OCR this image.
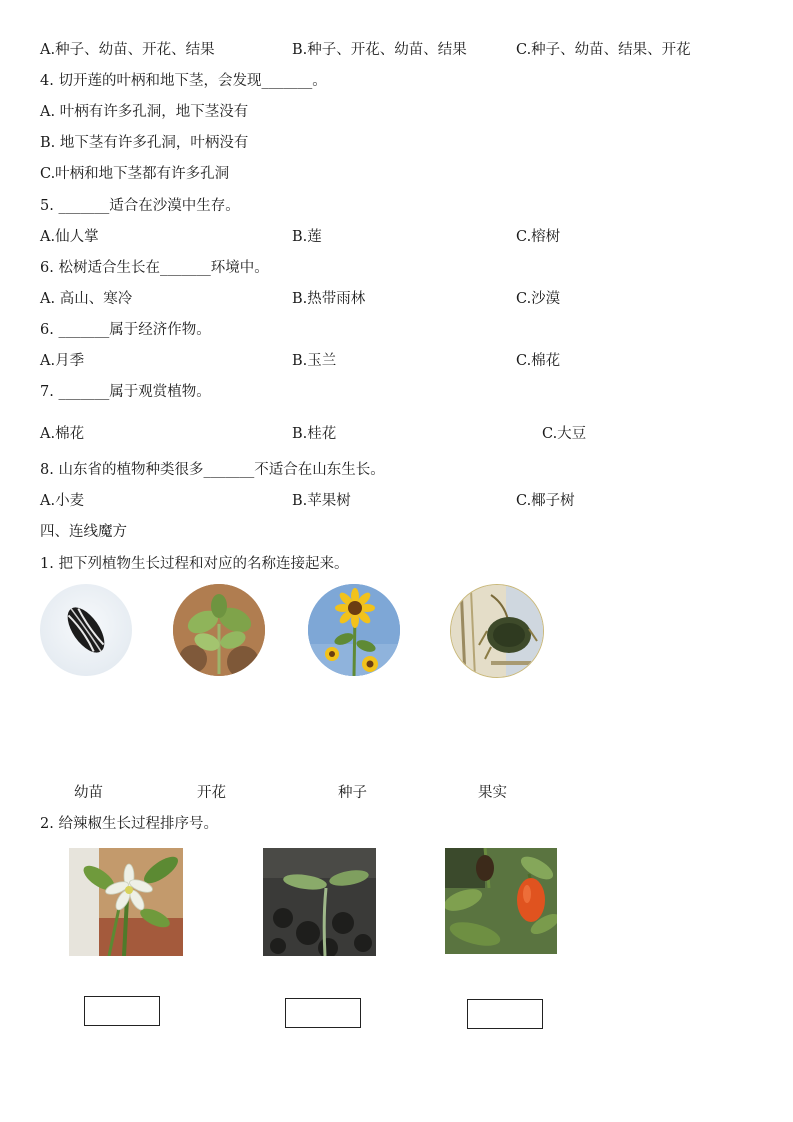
A.种子、幼苗、开花、结果	B.种子、开花、幼苗、结果	C.种子、幼苗、结果、开花
4. 切开莲的叶柄和地下茎，会发现_______。
A. 叶柄有许多孔洞，地下茎没有
B. 地下茎有许多孔洞，叶柄没有
C.叶柄和地下茎都有许多孔洞
5. _______适合在沙漠中生存。
A.仙人掌	B.莲	C.榕树
6. 松树适合生长在_______环境中。
A. 高山、寒冷	B.热带雨林	C.沙漠
6. _______属于经济作物。
A.月季	B.玉兰	C.棉花
7. _______属于观赏植物。
A.棉花	B.桂花	C.大豆
8. 山东省的植物种类很多_______不适合在山东生长。
A.小麦	B.苹果树	C.椰子树
四、连线魔方
1. 把下列植物生长过程和对应的名称连接起来。
幼苗	开花	种子	果实
2. 给辣椒生长过程排序号。
